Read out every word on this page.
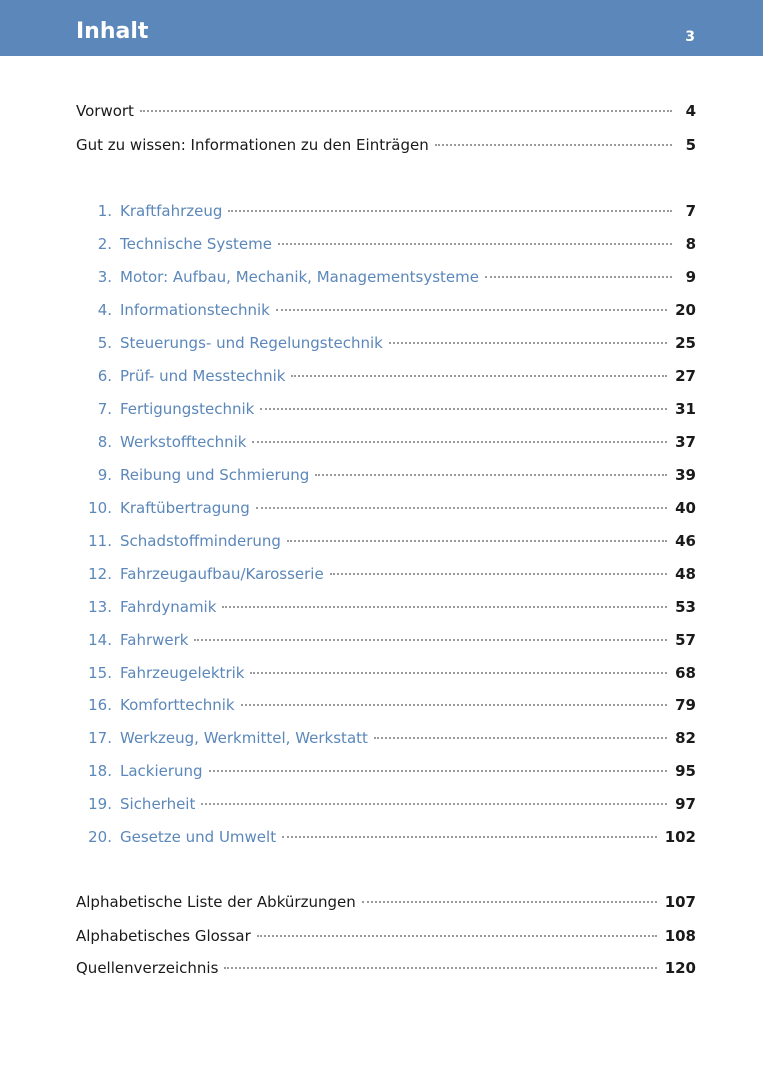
Inhalt	3
Vorwort	4
Gut zu wissen: Informationen zu den Einträgen	5
1. Kraftfahrzeug	7
2. Technische Systeme	8
3. Motor: Aufbau, Mechanik, Managementsysteme	9
4. Informationstechnik	20
5. Steuerungs- und Regelungstechnik	25
6. Prüf- und Messtechnik	27
7. Fertigungstechnik	31
8. Werkstofftechnik	37
9. Reibung und Schmierung	39
10. Kraftübertragung	40
11. Schadstoffminderung	46
12. Fahrzeugaufbau/Karosserie	48
13. Fahrdynamik	53
14. Fahrwerk	57
15. Fahrzeugelektrik	68
16. Komforttechnik	79
17. Werkzeug, Werkmittel, Werkstatt	82
18. Lackierung	95
19. Sicherheit	97
20. Gesetze und Umwelt	102
Alphabetische Liste der Abkürzungen	107
Alphabetisches Glossar	108
Quellenverzeichnis	120
